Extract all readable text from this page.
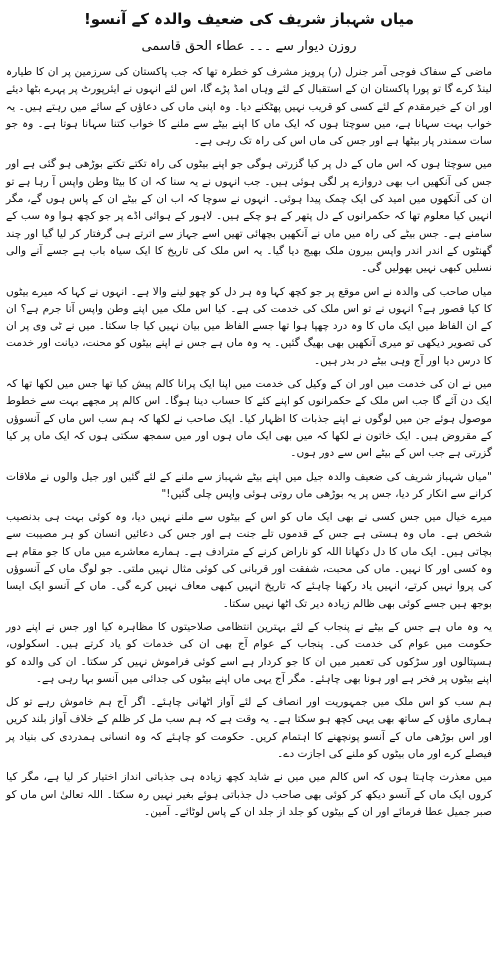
میاں شہباز شریف کی ضعیف والدہ کے آنسو!
روزن دیوار سے۔۔۔عطاء الحق قاسمی

ماضی کے سفاک فوجی آمر جنرل (ر) پرویز مشرف کو خطرہ تھا کہ جب پاکستان کی سرزمین پر ان کا طیارہ لینڈ کرے گا تو پورا پاکستان ان کے استقبال کے لئے وہاں امڈ پڑے گا، اس لئے انہوں نے ایئرپورٹ پر پہرے بٹھا دیئے اور ان کے خیرمقدم کے لئے کسی کو قریب نہیں پھٹکنے دیا۔ وہ اپنی ماں کی دعاؤں کے سائے میں رہتے ہیں۔ یہ خواب بہت سہانا ہے، میں سوچتا ہوں کہ ایک ماں کا اپنے بیٹے سے ملنے کا خواب کتنا سہانا ہوتا ہے۔ وہ جو سات سمندر پار بیٹھا ہے اور جس کی ماں اس کی راہ تک رہی ہے۔

میں سوچتا ہوں کہ اس ماں کے دل پر کیا گزرتی ہوگی جو اپنے بیٹوں کی راہ تکتے تکتے بوڑھی ہو گئی ہے اور جس کی آنکھیں اب بھی دروازے پر لگی ہوئی ہیں۔ جب انہوں نے یہ سنا کہ ان کا بیٹا وطن واپس آ رہا ہے تو ان کی آنکھوں میں امید کی ایک چمک پیدا ہوئی۔ انہوں نے سوچا کہ اب ان کے بیٹے ان کے پاس ہوں گے، مگر انہیں کیا معلوم تھا کہ حکمرانوں کے دل پتھر کے ہو چکے ہیں۔ لاہور کے ہوائی اڈے پر جو کچھ ہوا وہ سب کے سامنے ہے۔ جس بیٹے کی راہ میں ماں نے آنکھیں بچھائی تھیں اسے جہاز سے اترتے ہی گرفتار کر لیا گیا اور چند گھنٹوں کے اندر اندر واپس بیرون ملک بھیج دیا گیا۔ یہ اس ملک کی تاریخ کا ایک سیاہ باب ہے جسے آنے والی نسلیں کبھی نہیں بھولیں گی۔

میاں صاحب کی والدہ نے اس موقع پر جو کچھ کہا وہ ہر دل کو چھو لینے والا ہے۔ انہوں نے کہا کہ میرے بیٹوں کا کیا قصور ہے؟ انہوں نے تو اس ملک کی خدمت کی ہے۔ کیا اس ملک میں اپنے وطن واپس آنا جرم ہے؟ ان کے ان الفاظ میں ایک ماں کا وہ درد چھپا ہوا تھا جسے الفاظ میں بیان نہیں کیا جا سکتا۔ میں نے ٹی وی پر ان کی تصویر دیکھی تو میری آنکھیں بھی بھیگ گئیں۔ یہ وہ ماں ہے جس نے اپنے بیٹوں کو محنت، دیانت اور خدمت کا درس دیا اور آج وہی بیٹے در بدر ہیں۔

میں نے ان کی خدمت میں اور ان کے وکیل کی خدمت میں اپنا ایک پرانا کالم پیش کیا تھا جس میں لکھا تھا کہ ایک دن آئے گا جب اس ملک کے حکمرانوں کو اپنے کئے کا حساب دینا ہوگا۔ اس کالم پر مجھے بہت سے خطوط موصول ہوئے جن میں لوگوں نے اپنے جذبات کا اظہار کیا۔ ایک صاحب نے لکھا کہ ہم سب اس ماں کے آنسوؤں کے مقروض ہیں۔ ایک خاتون نے لکھا کہ میں بھی ایک ماں ہوں اور میں سمجھ سکتی ہوں کہ ایک ماں پر کیا گزرتی ہے جب اس کے بیٹے اس سے دور ہوں۔

"میاں شہباز شریف کی ضعیف والدہ جیل میں اپنے بیٹے شہباز سے ملنے کے لئے گئیں اور جیل والوں نے ملاقات کرانے سے انکار کر دیا، جس پر یہ بوڑھی ماں روتی ہوئی واپس چلی گئیں!"

میرے خیال میں جس کسی نے بھی ایک ماں کو اس کے بیٹوں سے ملنے نہیں دیا، وہ کوئی بہت ہی بدنصیب شخص ہے۔ ماں وہ ہستی ہے جس کے قدموں تلے جنت ہے اور جس کی دعائیں انسان کو ہر مصیبت سے بچاتی ہیں۔ ایک ماں کا دل دکھانا اللہ کو ناراض کرنے کے مترادف ہے۔ ہمارے معاشرے میں ماں کا جو مقام ہے وہ کسی اور کا نہیں۔ ماں کی محبت، شفقت اور قربانی کی کوئی مثال نہیں ملتی۔ جو لوگ ماں کے آنسوؤں کی پروا نہیں کرتے، انہیں یاد رکھنا چاہئے کہ تاریخ انہیں کبھی معاف نہیں کرے گی۔ ماں کے آنسو ایک ایسا بوجھ ہیں جسے کوئی بھی ظالم زیادہ دیر تک اٹھا نہیں سکتا۔

یہ وہ ماں ہے جس کے بیٹے نے پنجاب کے لئے بہترین انتظامی صلاحیتوں کا مظاہرہ کیا اور جس نے اپنے دور حکومت میں عوام کی خدمت کی۔ پنجاب کے عوام آج بھی ان کی خدمات کو یاد کرتے ہیں۔ اسکولوں، ہسپتالوں اور سڑکوں کی تعمیر میں ان کا جو کردار ہے اسے کوئی فراموش نہیں کر سکتا۔ ان کی والدہ کو اپنے بیٹوں پر فخر ہے اور ہونا بھی چاہئے۔ مگر آج یہی ماں اپنے بیٹوں کی جدائی میں آنسو بہا رہی ہے۔

ہم سب کو اس ملک میں جمہوریت اور انصاف کے لئے آواز اٹھانی چاہئے۔ اگر آج ہم خاموش رہے تو کل ہماری ماؤں کے ساتھ بھی یہی کچھ ہو سکتا ہے۔ یہ وقت ہے کہ ہم سب مل کر ظلم کے خلاف آواز بلند کریں اور اس بوڑھی ماں کے آنسو پونچھنے کا اہتمام کریں۔ حکومت کو چاہئے کہ وہ انسانی ہمدردی کی بنیاد پر فیصلے کرے اور ماں بیٹوں کو ملنے کی اجازت دے۔

میں معذرت چاہتا ہوں کہ اس کالم میں میں نے شاید کچھ زیادہ ہی جذباتی انداز اختیار کر لیا ہے، مگر کیا کروں ایک ماں کے آنسو دیکھ کر کوئی بھی صاحب دل جذباتی ہوئے بغیر نہیں رہ سکتا۔ اللہ تعالیٰ اس ماں کو صبر جمیل عطا فرمائے اور ان کے بیٹوں کو جلد از جلد ان کے پاس لوٹائے۔ آمین۔
